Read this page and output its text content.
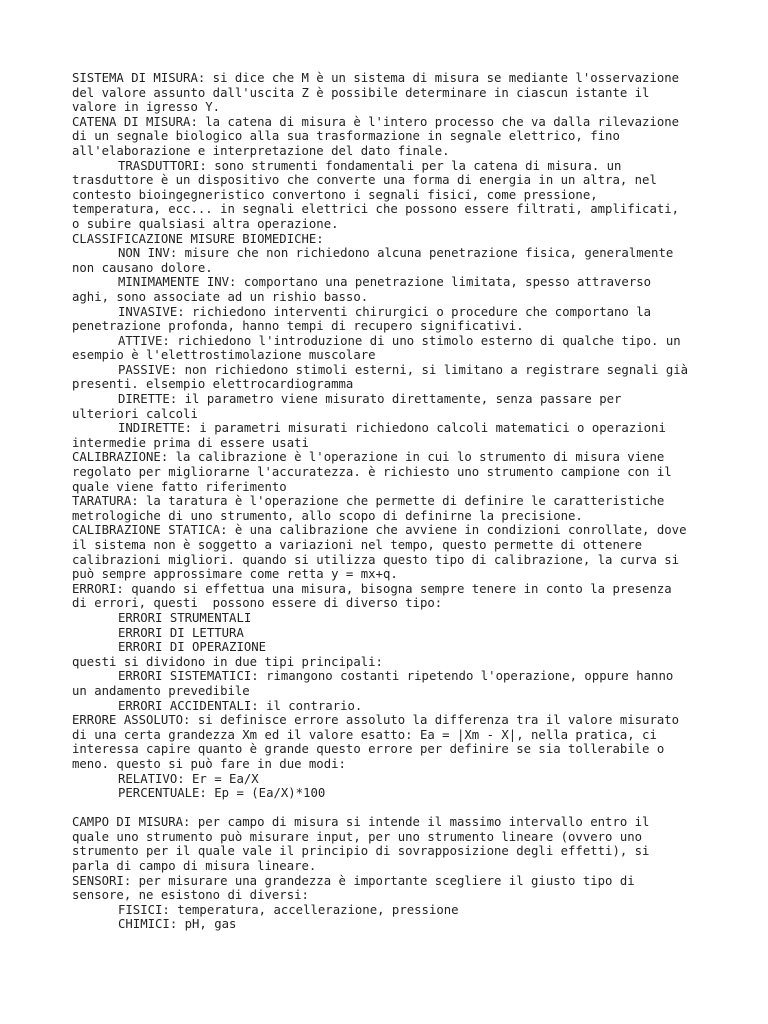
SISTEMA DI MISURA: si dice che M è un sistema di misura se mediante l'osservazione
del valore assunto dall'uscita Z è possibile determinare in ciascun istante il
valore in igresso Y.
CATENA DI MISURA: la catena di misura è l'intero processo che va dalla rilevazione
di un segnale biologico alla sua trasformazione in segnale elettrico, fino
all'elaborazione e interpretazione del dato finale.
TRASDUTTORI: sono strumenti fondamentali per la catena di misura. un
trasduttore è un dispositivo che converte una forma di energia in un altra, nel
contesto bioingegneristico convertono i segnali fisici, come pressione,
temperatura, ecc... in segnali elettrici che possono essere filtrati, amplificati,
o subire qualsiasi altra operazione.
CLASSIFICAZIONE MISURE BIOMEDICHE:
NON INV: misure che non richiedono alcuna penetrazione fisica, generalmente
non causano dolore.
MINIMAMENTE INV: comportano una penetrazione limitata, spesso attraverso
aghi, sono associate ad un rishio basso.
INVASIVE: richiedono interventi chirurgici o procedure che comportano la
penetrazione profonda, hanno tempi di recupero significativi.
ATTIVE: richiedono l'introduzione di uno stimolo esterno di qualche tipo. un
esempio è l'elettrostimolazione muscolare
PASSIVE: non richiedono stimoli esterni, si limitano a registrare segnali già
presenti. elsempio elettrocardiogramma
DIRETTE: il parametro viene misurato direttamente, senza passare per
ulteriori calcoli
INDIRETTE: i parametri misurati richiedono calcoli matematici o operazioni
intermedie prima di essere usati
CALIBRAZIONE: la calibrazione è l'operazione in cui lo strumento di misura viene
regolato per migliorarne l'accuratezza. è richiesto uno strumento campione con il
quale viene fatto riferimento
TARATURA: la taratura è l'operazione che permette di definire le caratteristiche
metrologiche di uno strumento, allo scopo di definirne la precisione.
CALIBRAZIONE STATICA: è una calibrazione che avviene in condizioni conrollate, dove
il sistema non è soggetto a variazioni nel tempo, questo permette di ottenere
calibrazioni migliori. quando si utilizza questo tipo di calibrazione, la curva si
può sempre approssimare come retta y = mx+q.
ERRORI: quando si effettua una misura, bisogna sempre tenere in conto la presenza
di errori, questi  possono essere di diverso tipo:
ERRORI STRUMENTALI
ERRORI DI LETTURA
ERRORI DI OPERAZIONE
questi si dividono in due tipi principali:
ERRORI SISTEMATICI: rimangono costanti ripetendo l'operazione, oppure hanno
un andamento prevedibile
ERRORI ACCIDENTALI: il contrario.
ERRORE ASSOLUTO: si definisce errore assoluto la differenza tra il valore misurato
di una certa grandezza Xm ed il valore esatto: Ea = |Xm - X|, nella pratica, ci
interessa capire quanto è grande questo errore per definire se sia tollerabile o
meno. questo si può fare in due modi:
RELATIVO: Er = Ea/X
PERCENTUALE: Ep = (Ea/X)*100
CAMPO DI MISURA: per campo di misura si intende il massimo intervallo entro il
quale uno strumento può misurare input, per uno strumento lineare (ovvero uno
strumento per il quale vale il principio di sovrapposizione degli effetti), si
parla di campo di misura lineare.
SENSORI: per misurare una grandezza è importante scegliere il giusto tipo di
sensore, ne esistono di diversi:
FISICI: temperatura, accellerazione, pressione
CHIMICI: pH, gas
